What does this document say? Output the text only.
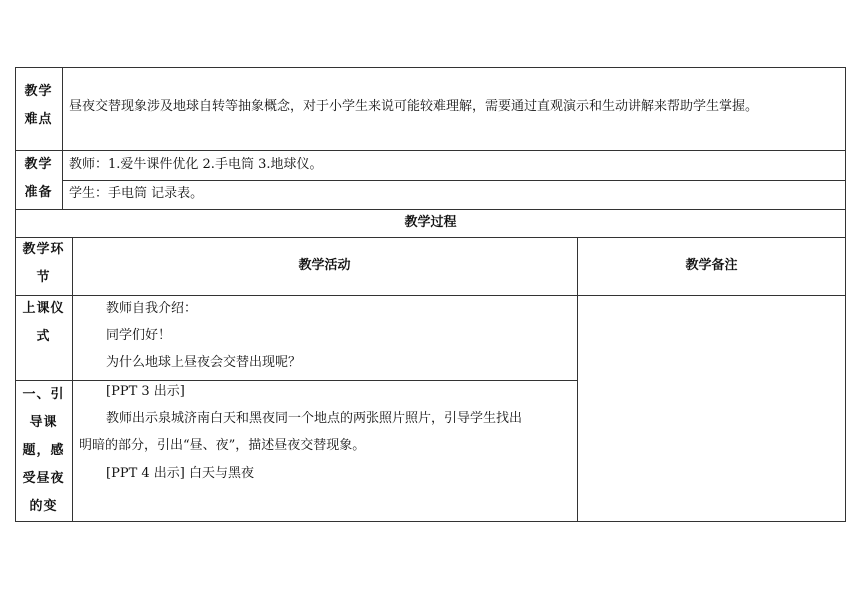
教学
难点
昼夜交替现象涉及地球自转等抽象概念，对于小学生来说可能较难理解，需要通过直观演示和生动讲解来帮助学生掌握。
教学
准备
教师：1.爱牛课件优化 2.手电筒 3.地球仪。
学生：手电筒 记录表。
教学过程
教学环
节
教学活动	教学备注
上课仪
式
教师自我介绍：
同学们好！
为什么地球上昼夜会交替出现呢？
一、引
导课
题，感
受昼夜
的变
[PPT 3 出示]
教师出示泉城济南白天和黑夜同一个地点的两张照片照片，引导学生找出
明暗的部分，引出“昼、夜”，描述昼夜交替现象。
[PPT 4 出示] 白天与黑夜
